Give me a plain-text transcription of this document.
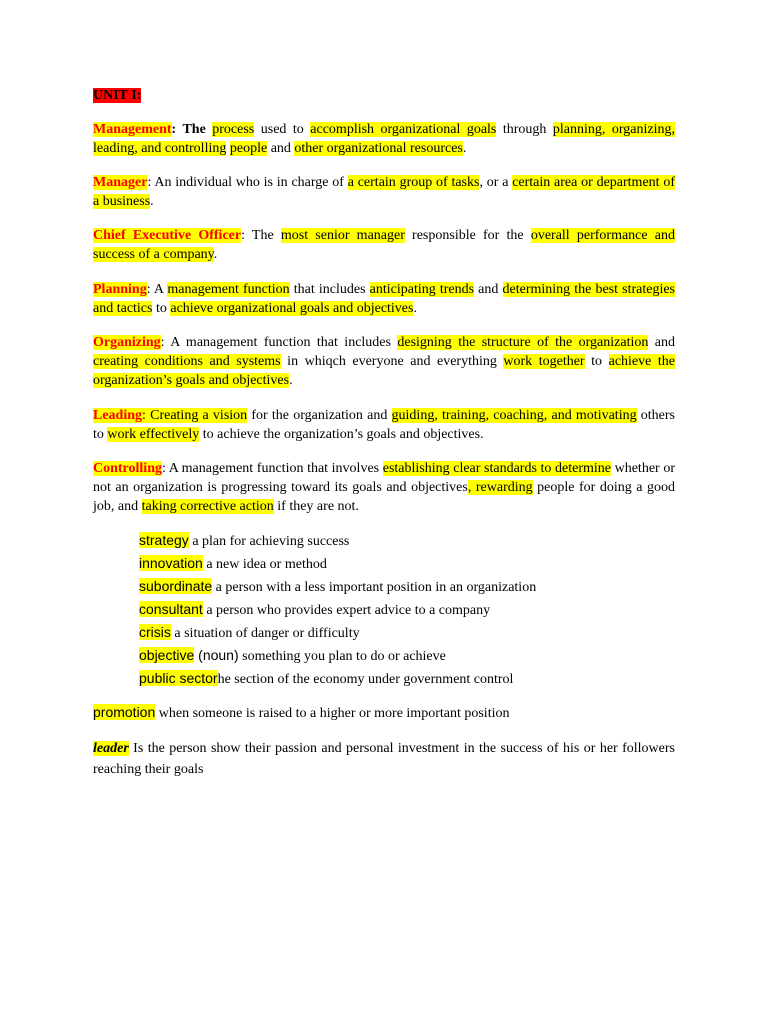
UNIT I:
Management: The process used to accomplish organizational goals through planning, organizing, leading, and controlling people and other organizational resources.
Manager: An individual who is in charge of a certain group of tasks, or a certain area or department of a business.
Chief Executive Officer: The most senior manager responsible for the overall performance and success of a company.
Planning: A management function that includes anticipating trends and determining the best strategies and tactics to achieve organizational goals and objectives.
Organizing: A management function that includes designing the structure of the organization and creating conditions and systems in whiqch everyone and everything work together to achieve the organization’s goals and objectives.
Leading: Creating a vision for the organization and guiding, training, coaching, and motivating others to work effectively to achieve the organization’s goals and objectives.
Controlling: A management function that involves establishing clear standards to determine whether or not an organization is progressing toward its goals and objectives, rewarding people for doing a good job, and taking corrective action if they are not.
strategy a plan for achieving success
innovation a new idea or method
subordinate a person with a less important position in an organization
consultant a person who provides expert advice to a company
crisis a situation of danger or difficulty
objective (noun) something you plan to do or achieve
public sectorhe section of the economy under government control
promotion when someone is raised to a higher or more important position
leader Is the person show their passion and personal investment in the success of his or her followers reaching their goals
